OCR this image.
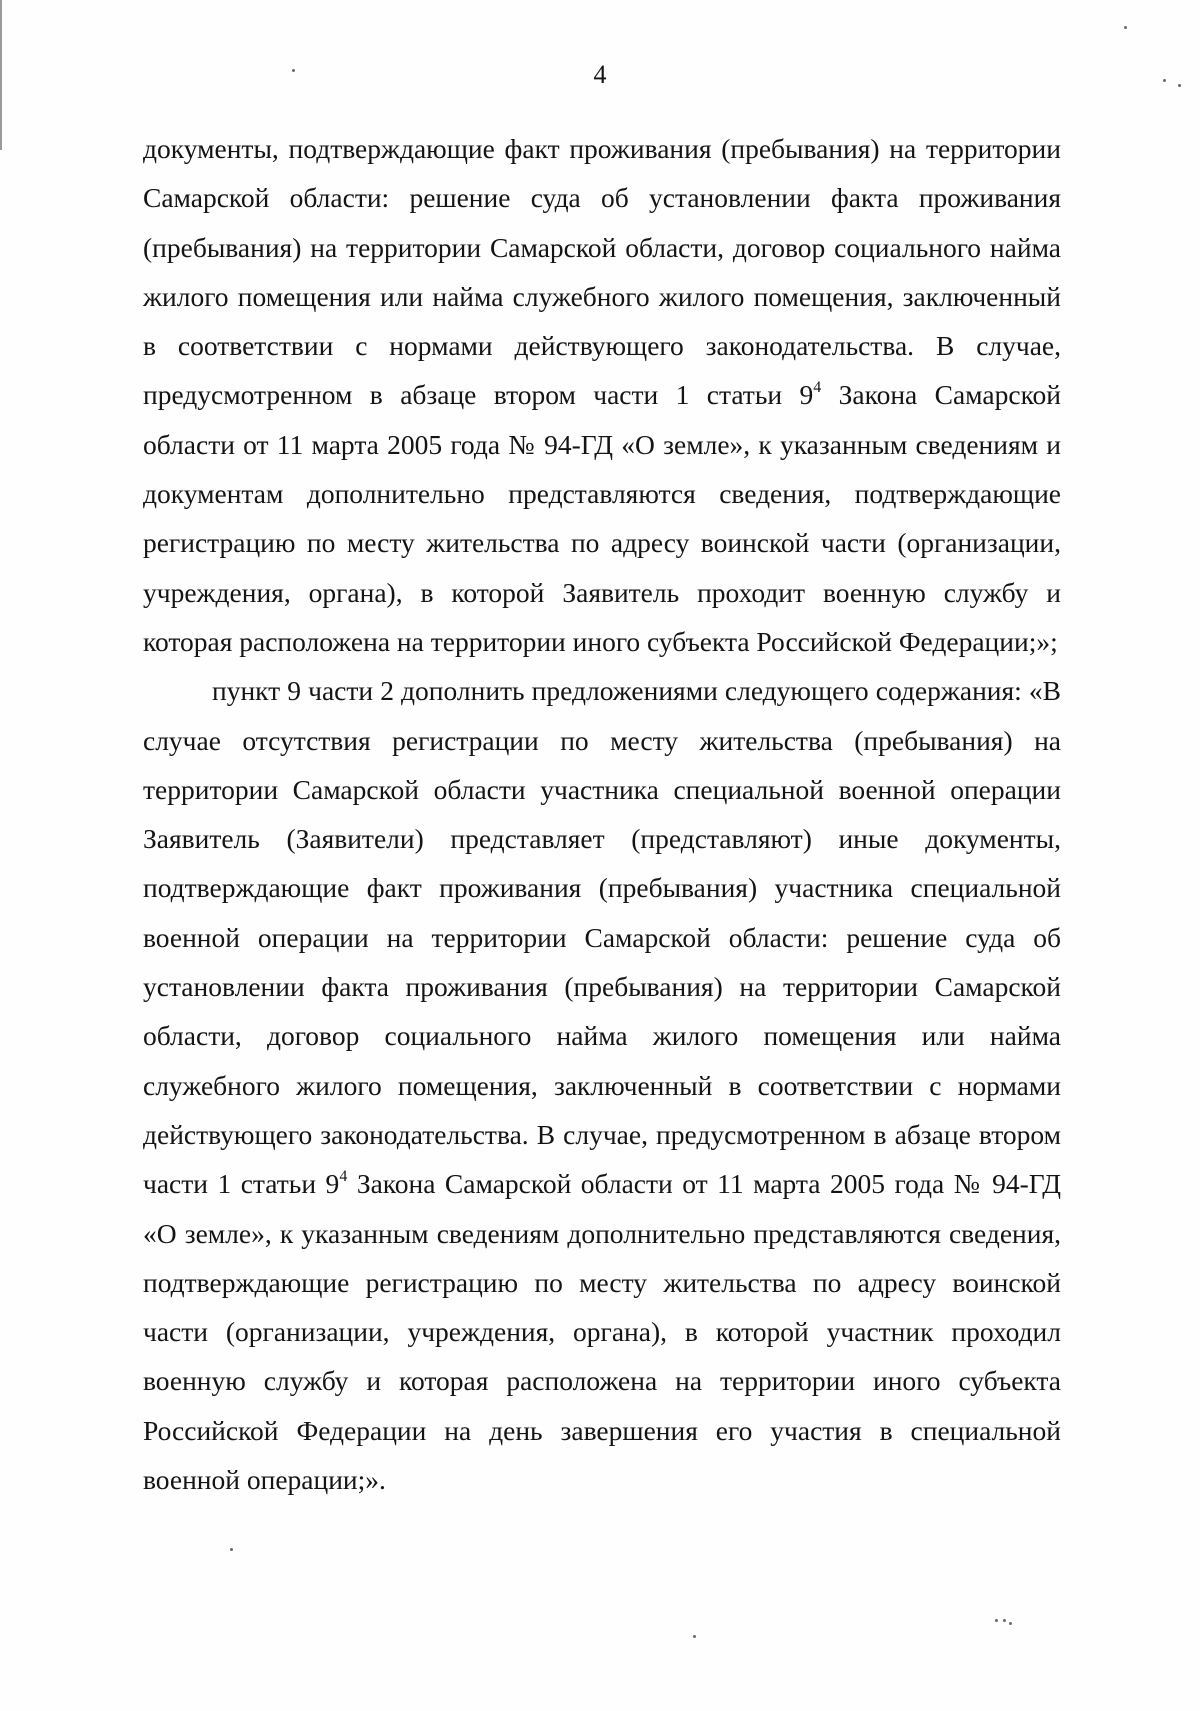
4

документы, подтверждающие факт проживания (пребывания) на территории Самарской области: решение суда об установлении факта проживания (пребывания) на территории Самарской области, договор социального найма жилого помещения или найма служебного жилого помещения, заключенный в соответствии с нормами действующего законодательства. В случае, предусмотренном в абзаце втором части 1 статьи $9^4$ Закона Самарской области от 11 марта 2005 года № 94-ГД «О земле», к указанным сведениям и документам дополнительно представляются сведения, подтверждающие регистрацию по месту жительства по адресу воинской части (организации, учреждения, органа), в которой Заявитель проходит военную службу и которая расположена на территории иного субъекта Российской Федерации;»;

пункт 9 части 2 дополнить предложениями следующего содержания: «В случае отсутствия регистрации по месту жительства (пребывания) на территории Самарской области участника специальной военной операции Заявитель (Заявители) представляет (представляют) иные документы, подтверждающие факт проживания (пребывания) участника специальной военной операции на территории Самарской области: решение суда об установлении факта проживания (пребывания) на территории Самарской области, договор социального найма жилого помещения или найма служебного жилого помещения, заключенный в соответствии с нормами действующего законодательства. В случае, предусмотренном в абзаце втором части 1 статьи $9^4$ Закона Самарской области от 11 марта 2005 года № 94-ГД «О земле», к указанным сведениям дополнительно представляются сведения, подтверждающие регистрацию по месту жительства по адресу воинской части (организации, учреждения, органа), в которой участник проходил военную службу и которая расположена на территории иного субъекта Российской Федерации на день завершения его участия в специальной военной операции;».
